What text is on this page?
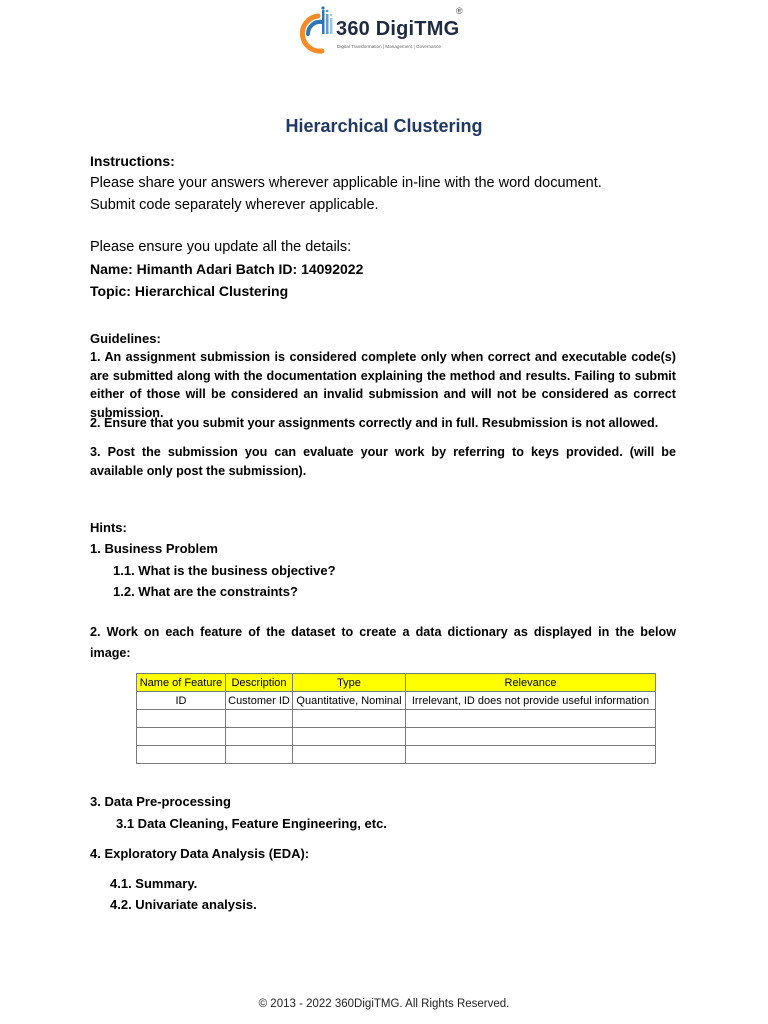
360 DigiTMG
®
Digital Transformation | Management | Governance
Hierarchical Clustering
Instructions:
Please share your answers wherever applicable in-line with the word document.
Submit code separately wherever applicable.
Please ensure you update all the details:
Name: Himanth Adari Batch ID: 14092022
Topic: Hierarchical Clustering
Guidelines:
1. An assignment submission is considered complete only when correct and executable code(s) are submitted along with the documentation explaining the method and results. Failing to submit either of those will be considered an invalid submission and will not be considered as correct submission.
2. Ensure that you submit your assignments correctly and in full. Resubmission is not allowed.
3. Post the submission you can evaluate your work by referring to keys provided. (will be available only post the submission).
Hints:
1. Business Problem
1.1. What is the business objective?
1.2. What are the constraints?
2. Work on each feature of the dataset to create a data dictionary as displayed in the below image:
Name of Feature	Description	Type	Relevance
ID	Customer ID	Quantitative, Nominal	Irrelevant, ID does not provide useful information

3. Data Pre-processing
3.1 Data Cleaning, Feature Engineering, etc.
4. Exploratory Data Analysis (EDA):
4.1. Summary.
4.2. Univariate analysis.
© 2013 - 2022 360DigiTMG. All Rights Reserved.
